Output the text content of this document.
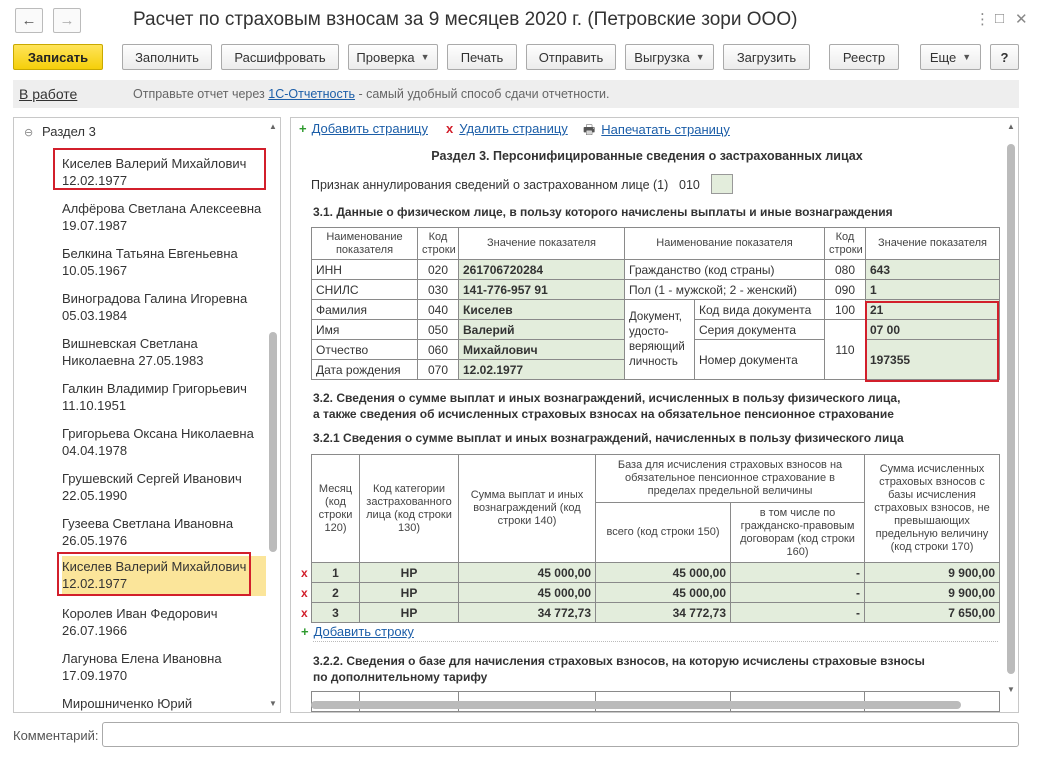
← →	Расчет по страховым взносам за 9 месяцев 2020 г. (Петровские зори ООО)	⋮ □ ✕
Записать	Заполнить	Расшифровать	Проверка ▼	Печать	Отправить	Выгрузка ▼	Загрузить	Реестр	Еще ▼	?
В работе	Отправьте отчет через 1С-Отчетность - самый удобный способ сдачи отчетности.
⊖ Раздел 3
Киселев Валерий Михайлович
12.02.1977
Алфёрова Светлана Алексеевна
19.07.1987
Белкина Татьяна Евгеньевна
10.05.1967
Виноградова Галина Игоревна
05.03.1984
Вишневская Светлана
Николаевна 27.05.1983
Галкин Владимир Григорьевич
11.10.1951
Григорьева Оксана Николаевна
04.04.1978
Грушевский Сергей Иванович
22.05.1990
Гузеева Светлана Ивановна
26.05.1976
Киселев Валерий Михайлович
12.02.1977
Королев Иван Федорович
26.07.1966
Лагунова Елена Ивановна
17.09.1970
Мирошниченко Юрий
▲
▼
+ Добавить страницу x Удалить страницу 🖶 Напечатать страницу
Раздел 3. Персонифицированные сведения о застрахованных лицах
Признак аннулирования сведений о застрахованном лице (1) 010
3.1. Данные о физическом лице, в пользу которого начислены выплаты и иные вознаграждения
Наименование показателя	Код строки	Значение показателя	Наименование показателя		Код строки	Значение показателя
ИНН	020	261706720284	Гражданство (код страны)		080	643
СНИЛС	030	141-776-957 91	Пол (1 - мужской; 2 - женский)		090	1
Фамилия	040	Киселев	Документ, удостоверяющий личность	Код вида документа	100	21
Имя	050	Валерий		Серия документа	110	07 00
Отчество	060	Михайлович		Номер документа		197355
Дата рождения	070	12.02.1977				
3.2. Сведения о сумме выплат и иных вознаграждений, исчисленных в пользу физического лица,
а также сведения об исчисленных страховых взносах на обязательное пенсионное страхование
3.2.1 Сведения о сумме выплат и иных вознаграждений, начисленных в пользу физического лица
Месяц (код строки 120)	Код категории застрахованного лица (код строки 130)	Сумма выплат и иных вознаграждений (код строки 140)	База для исчисления страховых взносов на обязательное пенсионное страхование в пределах предельной величины		Сумма исчисленных страховых взносов с базы исчисления страховых взносов, не превышающих предельную величину (код строки 170)
			всего (код строки 150)	в том числе по гражданско-правовым договорам (код строки 160)	
1	НР	45 000,00	45 000,00	-	9 900,00
2	НР	45 000,00	45 000,00	-	9 900,00
3	НР	34 772,73	34 772,73	-	7 650,00
x
x
x
+ Добавить строку
3.2.2. Сведения о базе для начисления страховых взносов, на которую исчислены страховые взносы
по дополнительному тарифу

▲
▼
Комментарий:
